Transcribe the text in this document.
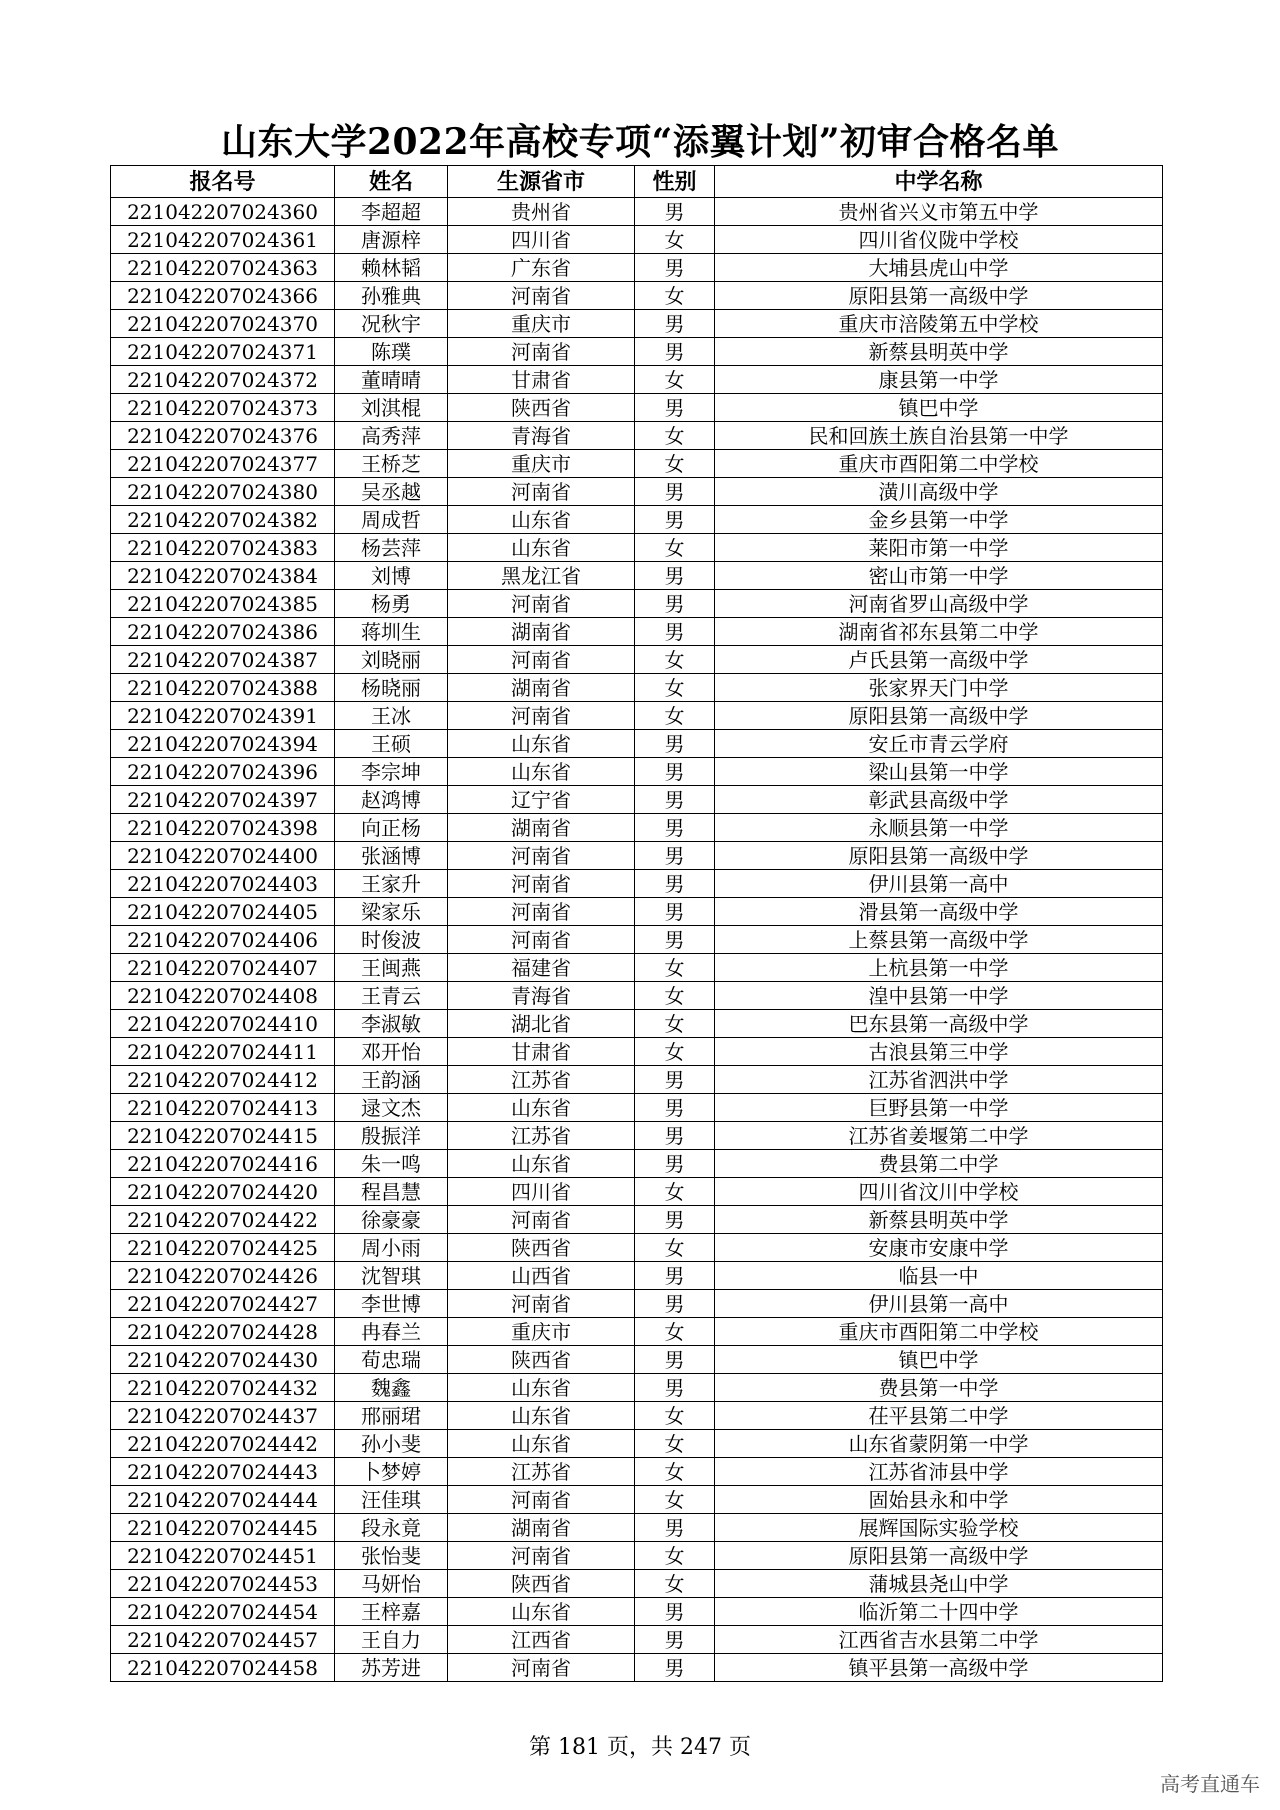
山东大学2022年高校专项“添翼计划”初审合格名单
报名号	姓名	生源省市	性别	中学名称
221042207024360	李超超	贵州省	男	贵州省兴义市第五中学
221042207024361	唐源梓	四川省	女	四川省仪陇中学校
221042207024363	赖林韬	广东省	男	大埔县虎山中学
221042207024366	孙雅典	河南省	女	原阳县第一高级中学
221042207024370	况秋宇	重庆市	男	重庆市涪陵第五中学校
221042207024371	陈璞	河南省	男	新蔡县明英中学
221042207024372	董晴晴	甘肃省	女	康县第一中学
221042207024373	刘淇棍	陕西省	男	镇巴中学
221042207024376	高秀萍	青海省	女	民和回族土族自治县第一中学
221042207024377	王桥芝	重庆市	女	重庆市酉阳第二中学校
221042207024380	吴丞越	河南省	男	潢川高级中学
221042207024382	周成哲	山东省	男	金乡县第一中学
221042207024383	杨芸萍	山东省	女	莱阳市第一中学
221042207024384	刘博	黑龙江省	男	密山市第一中学
221042207024385	杨勇	河南省	男	河南省罗山高级中学
221042207024386	蒋圳生	湖南省	男	湖南省祁东县第二中学
221042207024387	刘晓丽	河南省	女	卢氏县第一高级中学
221042207024388	杨晓丽	湖南省	女	张家界天门中学
221042207024391	王冰	河南省	女	原阳县第一高级中学
221042207024394	王硕	山东省	男	安丘市青云学府
221042207024396	李宗坤	山东省	男	梁山县第一中学
221042207024397	赵鸿博	辽宁省	男	彰武县高级中学
221042207024398	向正杨	湖南省	男	永顺县第一中学
221042207024400	张涵博	河南省	男	原阳县第一高级中学
221042207024403	王家升	河南省	男	伊川县第一高中
221042207024405	梁家乐	河南省	男	滑县第一高级中学
221042207024406	时俊波	河南省	男	上蔡县第一高级中学
221042207024407	王闽燕	福建省	女	上杭县第一中学
221042207024408	王青云	青海省	女	湟中县第一中学
221042207024410	李淑敏	湖北省	女	巴东县第一高级中学
221042207024411	邓开怡	甘肃省	女	古浪县第三中学
221042207024412	王韵涵	江苏省	男	江苏省泗洪中学
221042207024413	逯文杰	山东省	男	巨野县第一中学
221042207024415	殷振洋	江苏省	男	江苏省姜堰第二中学
221042207024416	朱一鸣	山东省	男	费县第二中学
221042207024420	程昌慧	四川省	女	四川省汶川中学校
221042207024422	徐豪豪	河南省	男	新蔡县明英中学
221042207024425	周小雨	陕西省	女	安康市安康中学
221042207024426	沈智琪	山西省	男	临县一中
221042207024427	李世博	河南省	男	伊川县第一高中
221042207024428	冉春兰	重庆市	女	重庆市酉阳第二中学校
221042207024430	荀忠瑞	陕西省	男	镇巴中学
221042207024432	魏鑫	山东省	男	费县第一中学
221042207024437	邢丽珺	山东省	女	茌平县第二中学
221042207024442	孙小斐	山东省	女	山东省蒙阴第一中学
221042207024443	卜梦婷	江苏省	女	江苏省沛县中学
221042207024444	汪佳琪	河南省	女	固始县永和中学
221042207024445	段永竟	湖南省	男	展辉国际实验学校
221042207024451	张怡斐	河南省	女	原阳县第一高级中学
221042207024453	马妍怡	陕西省	女	蒲城县尧山中学
221042207024454	王梓嘉	山东省	男	临沂第二十四中学
221042207024457	王自力	江西省	男	江西省吉水县第二中学
221042207024458	苏芳进	河南省	男	镇平县第一高级中学
第 181 页，共 247 页
高考直通车
